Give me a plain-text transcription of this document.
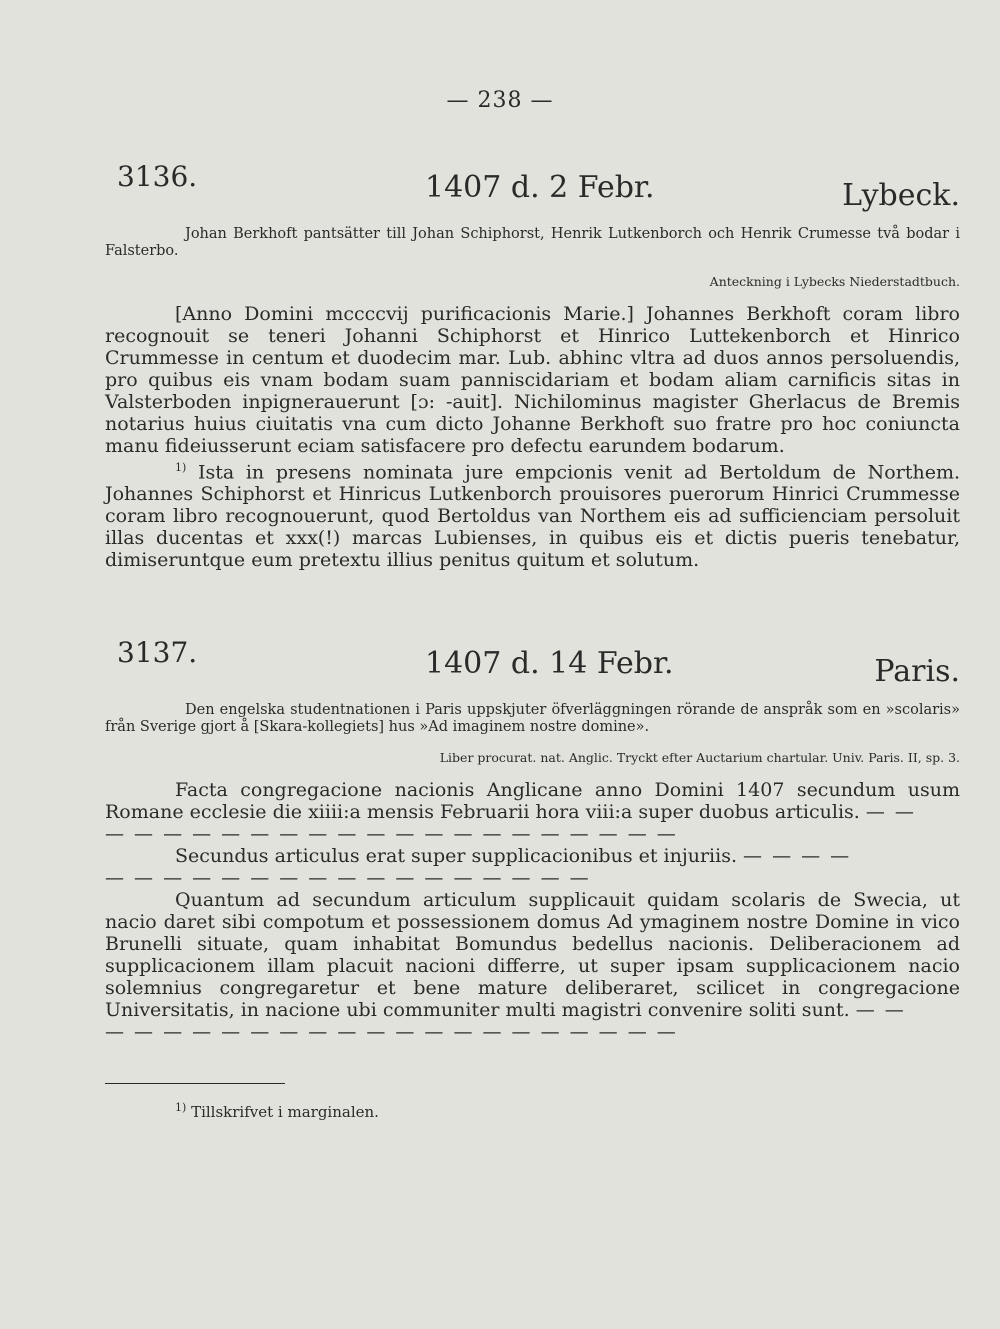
— 238 —
3136.	1407 d. 2 Febr.	Lybeck.

Johan Berkhoft pantsätter till Johan Schiphorst, Henrik Lutkenborch och Henrik Crumesse två bodar i Falsterbo.

Anteckning i Lybecks Niederstadtbuch.

[Anno Domini mccccvij purificacionis Marie.] Johannes Berkhoft coram libro recognouit se teneri Johanni Schiphorst et Hinrico Luttekenborch et Hinrico Crummesse in centum et duodecim mar. Lub. abhinc vltra ad duos annos persoluendis, pro quibus eis vnam bodam suam panniscidariam et bodam aliam carnificis sitas in Valsterboden inpignerauerunt [ɔ: -auit]. Nichilominus magister Gherlacus de Bremis notarius huius ciuitatis vna cum dicto Johanne Berkhoft suo fratre pro hoc coniuncta manu fideiusserunt eciam satisfacere pro defectu earundem bodarum.

$^{1)}$ Ista in presens nominata jure empcionis venit ad Bertoldum de Northem. Johannes Schiphorst et Hinricus Lutkenborch prouisores puerorum Hinrici Crummesse coram libro recognouerunt, quod Bertoldus van Northem eis ad sufficienciam persoluit illas ducentas et xxx(!) marcas Lubienses, in quibus eis et dictis pueris tenebatur, dimiseruntque eum pretextu illius penitus quitum et solutum.

3137.	1407 d. 14 Febr.	Paris.

Den engelska studentnationen i Paris uppskjuter öfverläggningen rörande de anspråk som en »scolaris» från Sverige gjort å [Skara-kollegiets] hus »Ad imaginem nostre domine».

Liber procurat. nat. Anglic. Tryckt efter Auctarium chartular. Univ. Paris. II, sp. 3.

Facta congregacione nacionis Anglicane anno Domini 1407 secundum usum Romane ecclesie die xiiii:a mensis Februarii hora viii:a super duobus articulis. — —

— — — — — — — — — — — — — — — — — — — —

Secundus articulus erat super supplicacionibus et injuriis. — — — —

— — — — — — — — — — — — — — — — —

Quantum ad secundum articulum supplicauit quidam scolaris de Swecia, ut nacio daret sibi compotum et possessionem domus Ad ymaginem nostre Domine in vico Brunelli situate, quam inhabitat Bomundus bedellus nacionis. Deliberacionem ad supplicacionem illam placuit nacioni differre, ut super ipsam supplicacionem nacio solemnius congregaretur et bene mature deliberaret, scilicet in congregacione Universitatis, in nacione ubi communiter multi magistri convenire soliti sunt. — —

— — — — — — — — — — — — — — — — — — — —

$^{1)}$ Tillskrifvet i marginalen.
